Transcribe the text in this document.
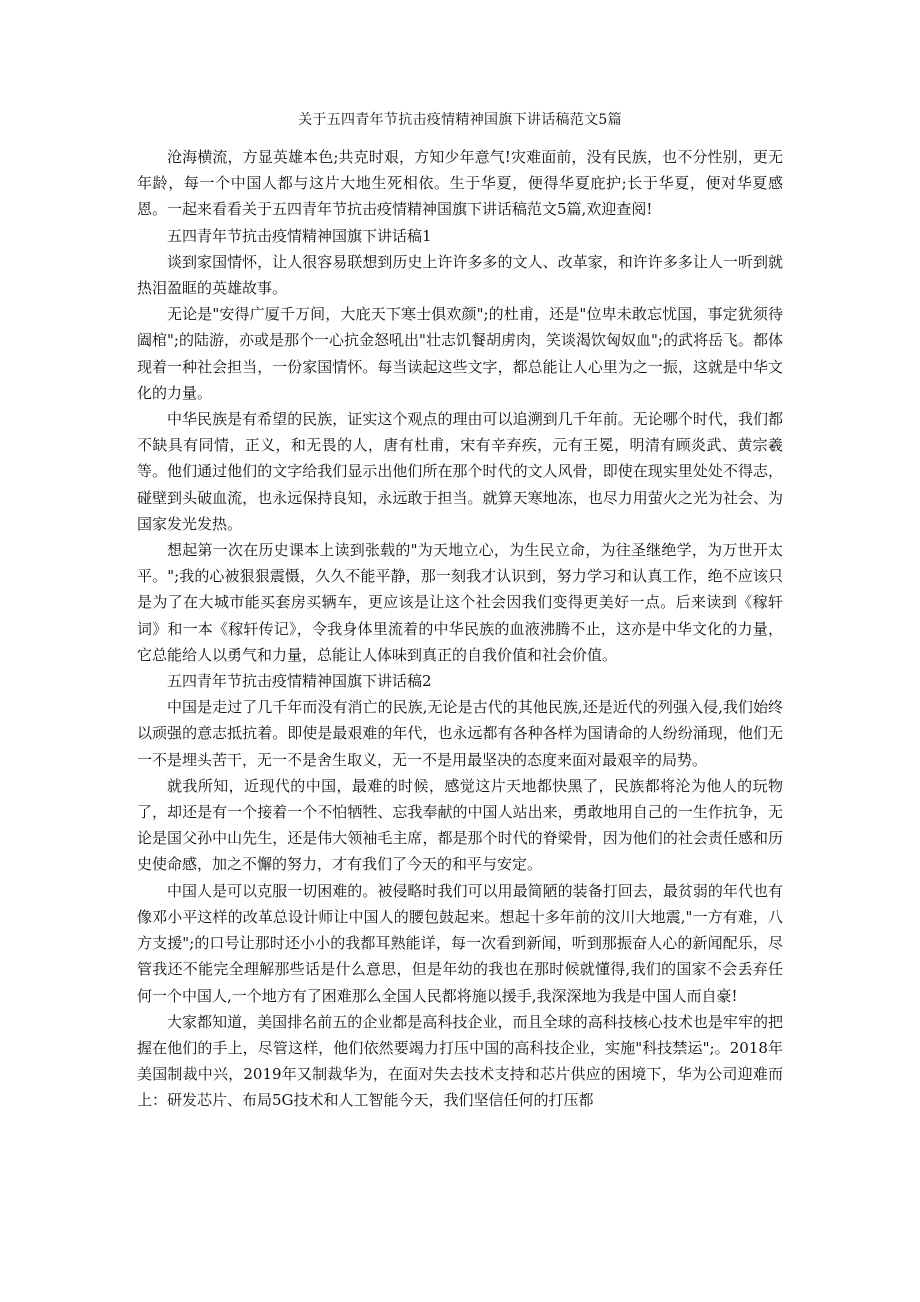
关于五四青年节抗击疫情精神国旗下讲话稿范文5篇

沧海横流，方显英雄本色;共克时艰，方知少年意气!灾难面前，没有民族，也不分性别，更无年龄，每一个中国人都与这片大地生死相依。生于华夏，便得华夏庇护;长于华夏，便对华夏感恩。一起来看看关于五四青年节抗击疫情精神国旗下讲话稿范文5篇,欢迎查阅!

五四青年节抗击疫情精神国旗下讲话稿1

谈到家国情怀，让人很容易联想到历史上许许多多的文人、改革家，和许许多多让人一听到就热泪盈眶的英雄故事。

无论是"安得广厦千万间，大庇天下寒士俱欢颜";的杜甫，还是"位卑未敢忘忧国，事定犹须待阖棺";的陆游，亦或是那个一心抗金怒吼出"壮志饥餐胡虏肉，笑谈渴饮匈奴血";的武将岳飞。都体现着一种社会担当，一份家国情怀。每当读起这些文字，都总能让人心里为之一振，这就是中华文化的力量。

中华民族是有希望的民族，证实这个观点的理由可以追溯到几千年前。无论哪个时代，我们都不缺具有同情，正义，和无畏的人，唐有杜甫，宋有辛弃疾，元有王冕，明清有顾炎武、黄宗羲等。他们通过他们的文字给我们显示出他们所在那个时代的文人风骨，即使在现实里处处不得志，碰壁到头破血流，也永远保持良知，永远敢于担当。就算天寒地冻，也尽力用萤火之光为社会、为国家发光发热。

想起第一次在历史课本上读到张载的"为天地立心，为生民立命，为往圣继绝学，为万世开太平。";我的心被狠狠震慑，久久不能平静，那一刻我才认识到，努力学习和认真工作，绝不应该只是为了在大城市能买套房买辆车，更应该是让这个社会因我们变得更美好一点。后来读到《稼轩词》和一本《稼轩传记》，令我身体里流着的中华民族的血液沸腾不止，这亦是中华文化的力量，它总能给人以勇气和力量，总能让人体味到真正的自我价值和社会价值。

五四青年节抗击疫情精神国旗下讲话稿2

中国是走过了几千年而没有消亡的民族,无论是古代的其他民族,还是近代的列强入侵,我们始终以顽强的意志抵抗着。即使是最艰难的年代，也永远都有各种各样为国请命的人纷纷涌现，他们无一不是埋头苦干，无一不是舍生取义，无一不是用最坚决的态度来面对最艰辛的局势。

就我所知，近现代的中国，最难的时候，感觉这片天地都快黑了，民族都将沦为他人的玩物了，却还是有一个接着一个不怕牺牲、忘我奉献的中国人站出来，勇敢地用自己的一生作抗争，无论是国父孙中山先生，还是伟大领袖毛主席，都是那个时代的脊梁骨，因为他们的社会责任感和历史使命感，加之不懈的努力，才有我们了今天的和平与安定。

中国人是可以克服一切困难的。被侵略时我们可以用最简陋的装备打回去，最贫弱的年代也有像邓小平这样的改革总设计师让中国人的腰包鼓起来。想起十多年前的汶川大地震,"一方有难，八方支援";的口号让那时还小小的我都耳熟能详，每一次看到新闻，听到那振奋人心的新闻配乐，尽管我还不能完全理解那些话是什么意思，但是年幼的我也在那时候就懂得,我们的国家不会丢弃任何一个中国人,一个地方有了困难那么全国人民都将施以援手,我深深地为我是中国人而自豪!

大家都知道，美国排名前五的企业都是高科技企业，而且全球的高科技核心技术也是牢牢的把握在他们的手上，尽管这样，他们依然要竭力打压中国的高科技企业，实施"科技禁运";。2018年美国制裁中兴，2019年又制裁华为，在面对失去技术支持和芯片供应的困境下，华为公司迎难而上：研发芯片、布局5G技术和人工智能今天，我们坚信任何的打压都
